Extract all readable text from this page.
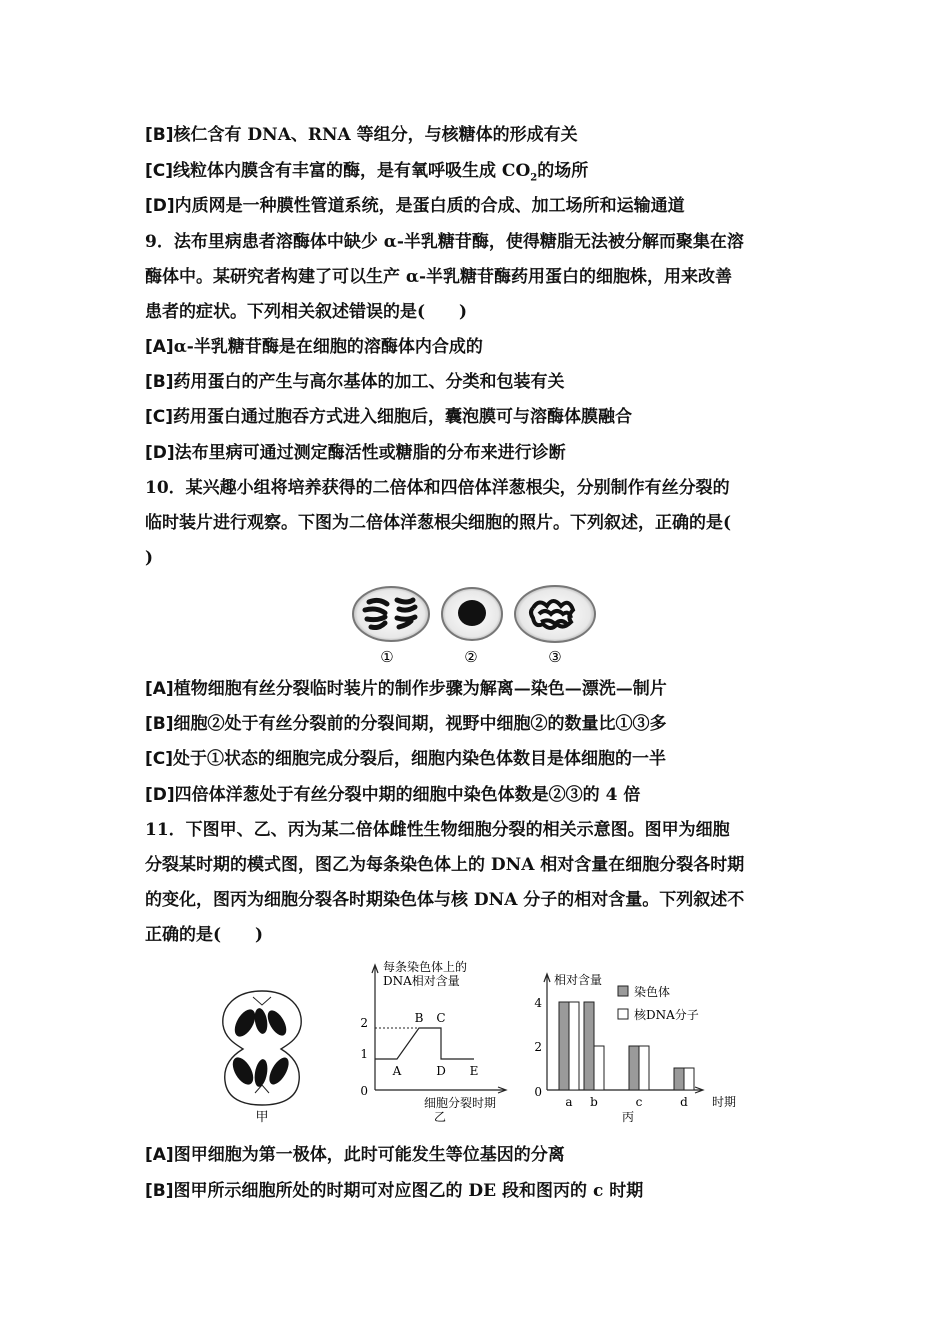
[B]核仁含有 DNA、RNA 等组分，与核糖体的形成有关
[C]线粒体内膜含有丰富的酶，是有氧呼吸生成 $CO_2$的场所
[D]内质网是一种膜性管道系统，是蛋白质的合成、加工场所和运输通道
9．法布里病患者溶酶体中缺少 α-半乳糖苷酶，使得糖脂无法被分解而聚集在溶
酶体中。某研究者构建了可以生产 α-半乳糖苷酶药用蛋白的细胞株，用来改善
患者的症状。下列相关叙述错误的是(　　)
[A]α-半乳糖苷酶是在细胞的溶酶体内合成的
[B]药用蛋白的产生与高尔基体的加工、分类和包装有关
[C]药用蛋白通过胞吞方式进入细胞后，囊泡膜可与溶酶体膜融合
[D]法布里病可通过测定酶活性或糖脂的分布来进行诊断
10．某兴趣小组将培养获得的二倍体和四倍体洋葱根尖，分别制作有丝分裂的
临时装片进行观察。下图为二倍体洋葱根尖细胞的照片。下列叙述，正确的是(
)
①	②	③
[A]植物细胞有丝分裂临时装片的制作步骤为解离—染色—漂洗—制片
[B]细胞②处于有丝分裂前的分裂间期，视野中细胞②的数量比①③多
[C]处于①状态的细胞完成分裂后，细胞内染色体数目是体细胞的一半
[D]四倍体洋葱处于有丝分裂中期的细胞中染色体数是②③的 4 倍
11．下图甲、乙、丙为某二倍体雌性生物细胞分裂的相关示意图。图甲为细胞
分裂某时期的模式图，图乙为每条染色体上的 DNA 相对含量在细胞分裂各时期
的变化，图丙为细胞分裂各时期染色体与核 DNA 分子的相对含量。下列叙述不
正确的是(　　)
甲
每条染色体上的
DNA相对含量
2
1
0
A
B C
D E
细胞分裂时期
乙
相对含量
4
2
0
a b	c	d 时期
丙
染色体
核DNA分子
[A]图甲细胞为第一极体，此时可能发生等位基因的分离
[B]图甲所示细胞所处的时期可对应图乙的 DE 段和图丙的 c 时期
